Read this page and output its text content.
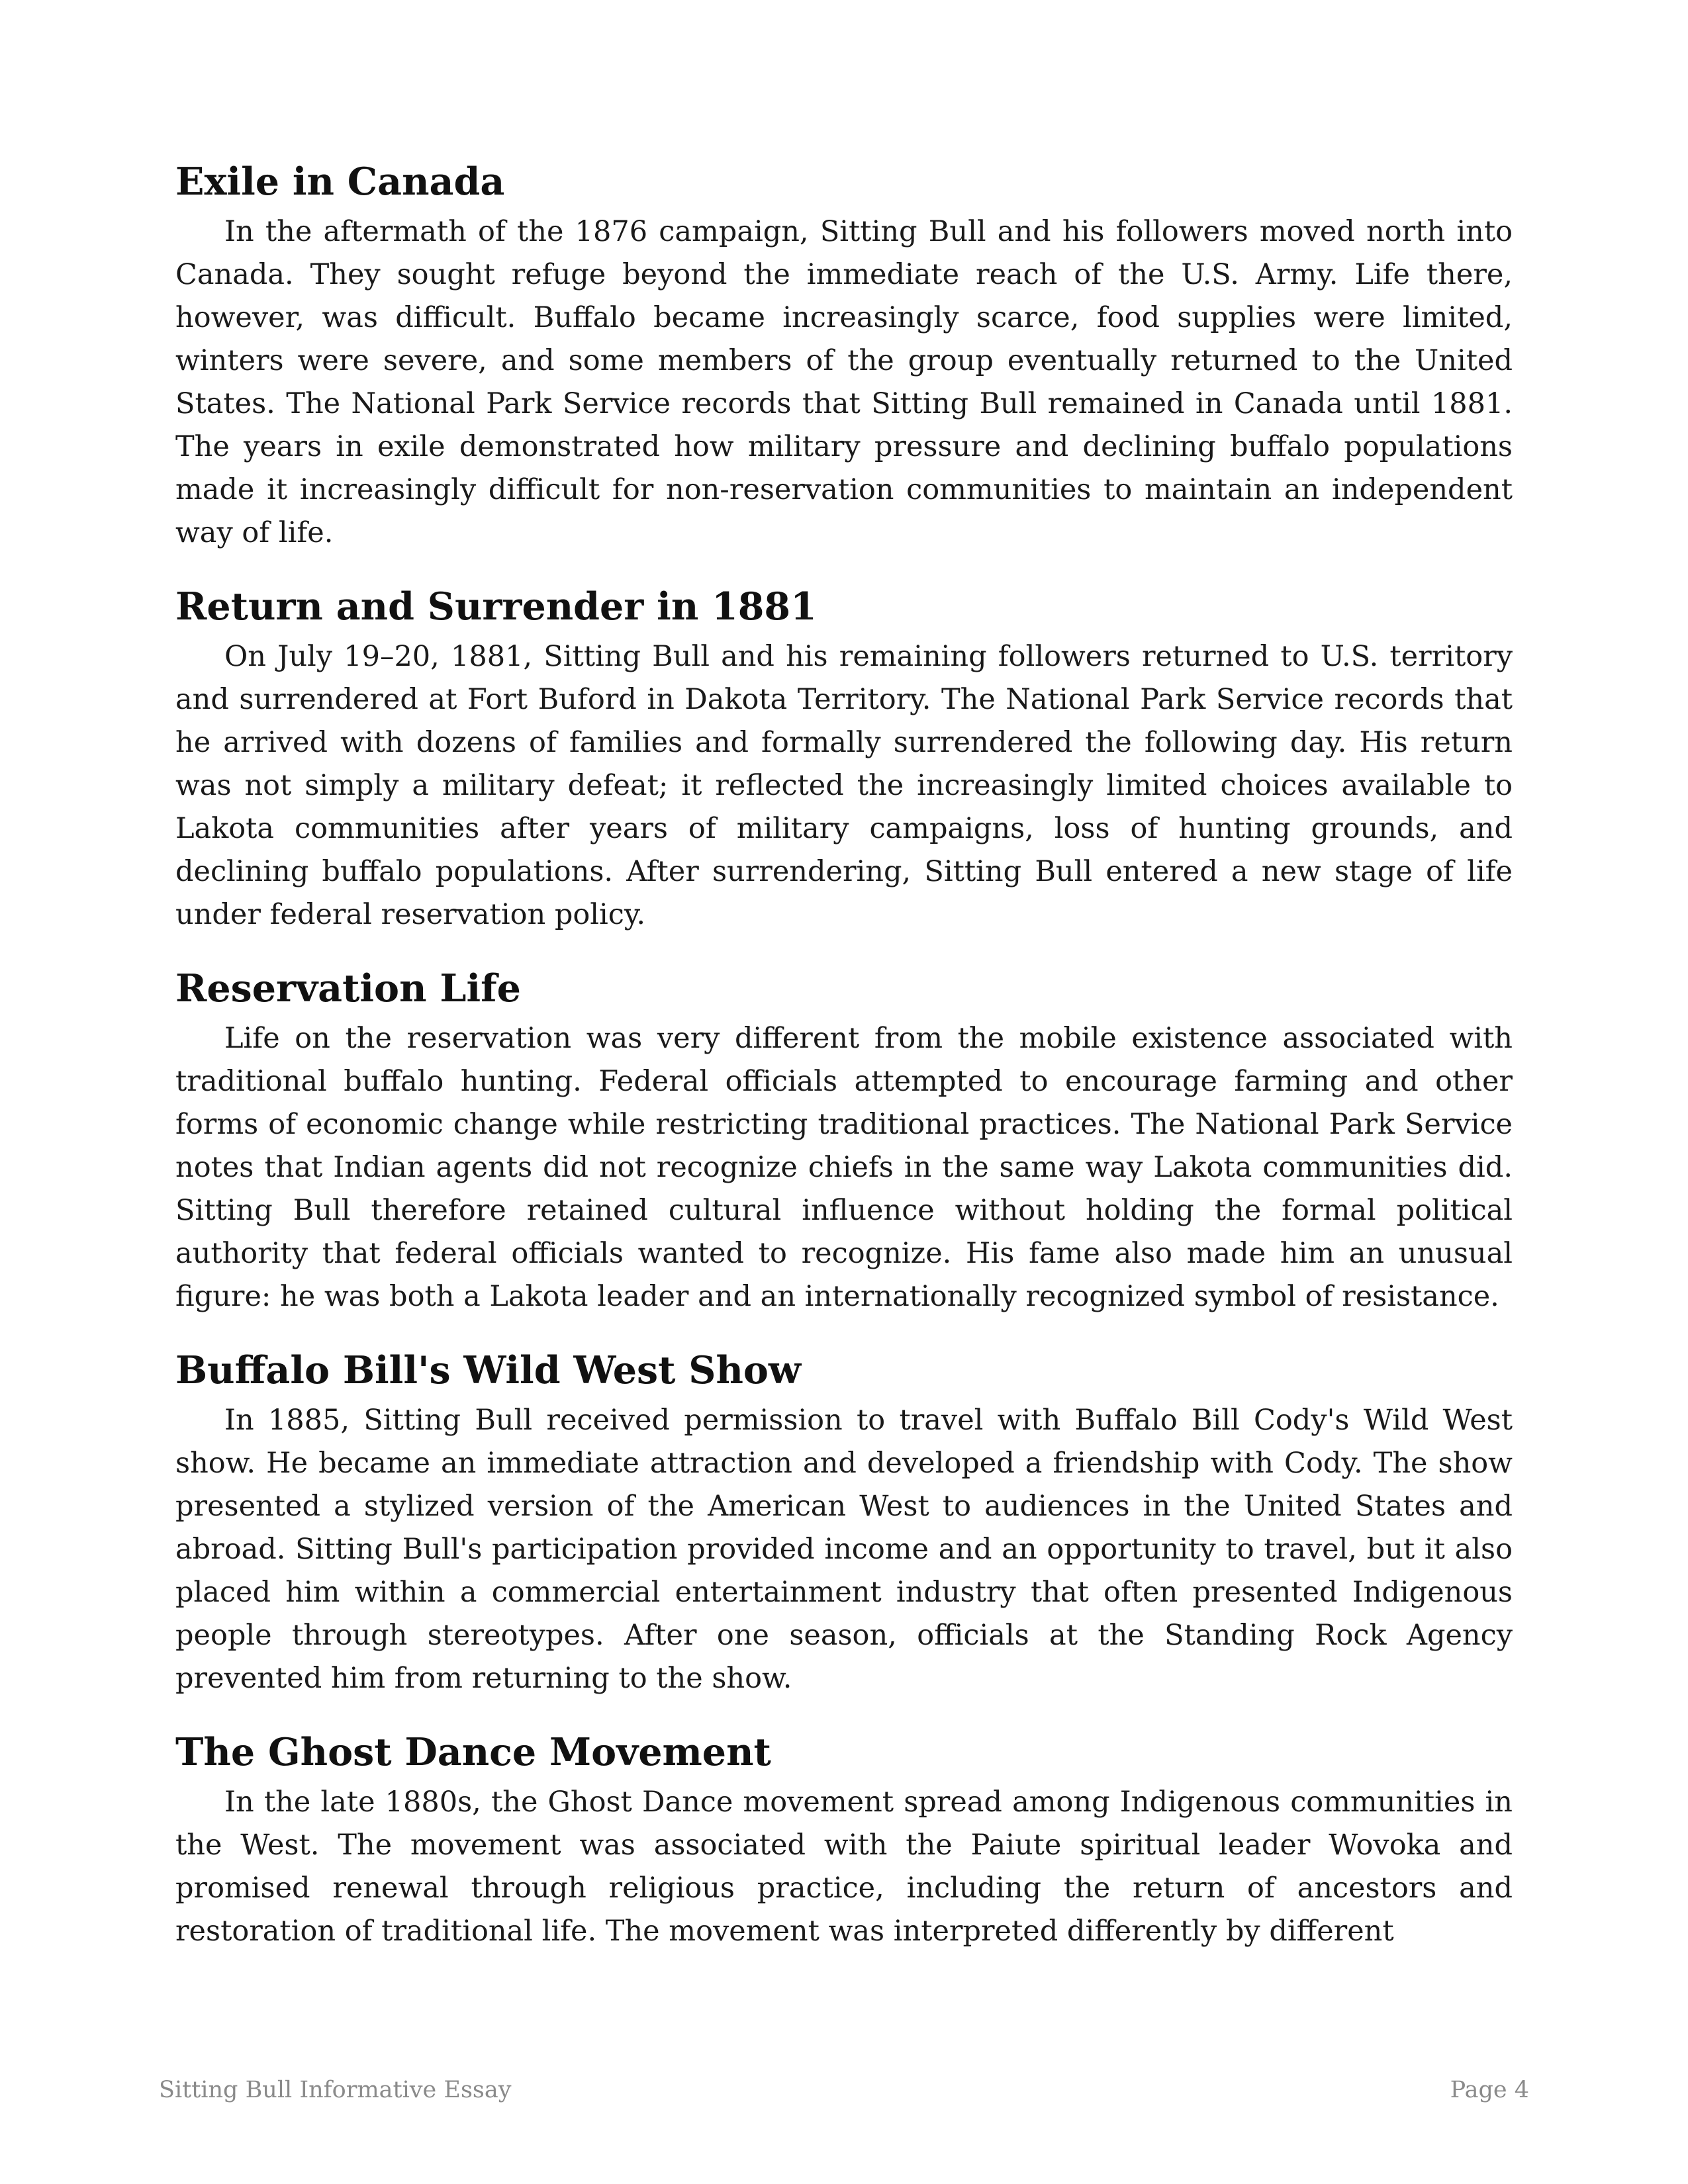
Exile in Canada

In the aftermath of the 1876 campaign, Sitting Bull and his followers moved north into Canada. They sought refuge beyond the immediate reach of the U.S. Army. Life there, however, was difficult. Buffalo became increasingly scarce, food supplies were limited, winters were severe, and some members of the group eventually returned to the United States. The National Park Service records that Sitting Bull remained in Canada until 1881. The years in exile demonstrated how military pressure and declining buffalo populations made it increasingly difficult for non-reservation communities to maintain an independent way of life.

Return and Surrender in 1881

On July 19–20, 1881, Sitting Bull and his remaining followers returned to U.S. territory and surrendered at Fort Buford in Dakota Territory. The National Park Service records that he arrived with dozens of families and formally surrendered the following day. His return was not simply a military defeat; it reflected the increasingly limited choices available to Lakota communities after years of military campaigns, loss of hunting grounds, and declining buffalo populations. After surrendering, Sitting Bull entered a new stage of life under federal reservation policy.

Reservation Life

Life on the reservation was very different from the mobile existence associated with traditional buffalo hunting. Federal officials attempted to encourage farming and other forms of economic change while restricting traditional practices. The National Park Service notes that Indian agents did not recognize chiefs in the same way Lakota communities did. Sitting Bull therefore retained cultural influence without holding the formal political authority that federal officials wanted to recognize. His fame also made him an unusual figure: he was both a Lakota leader and an internationally recognized symbol of resistance.

Buffalo Bill's Wild West Show

In 1885, Sitting Bull received permission to travel with Buffalo Bill Cody's Wild West show. He became an immediate attraction and developed a friendship with Cody. The show presented a stylized version of the American West to audiences in the United States and abroad. Sitting Bull's participation provided income and an opportunity to travel, but it also placed him within a commercial entertainment industry that often presented Indigenous people through stereotypes. After one season, officials at the Standing Rock Agency prevented him from returning to the show.

The Ghost Dance Movement

In the late 1880s, the Ghost Dance movement spread among Indigenous communities in the West. The movement was associated with the Paiute spiritual leader Wovoka and promised renewal through religious practice, including the return of ancestors and restoration of traditional life. The movement was interpreted differently by different

Sitting Bull Informative Essay	Page 4
